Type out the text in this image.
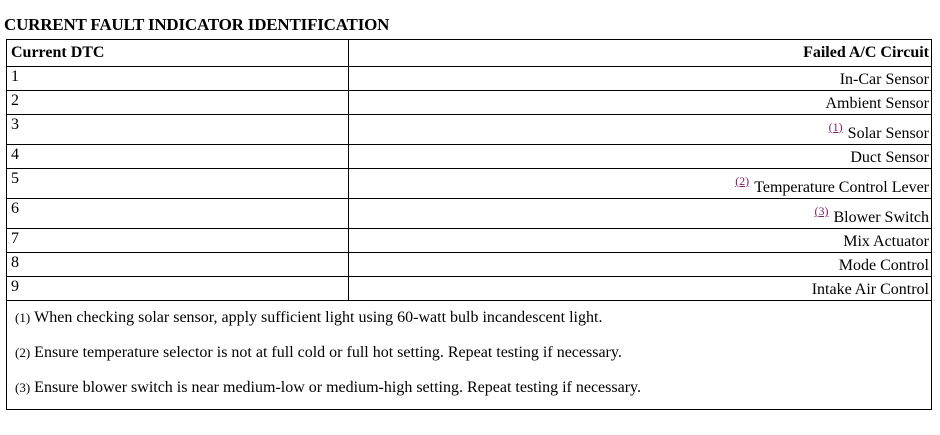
CURRENT FAULT INDICATOR IDENTIFICATION
Current DTC	Failed A/C Circuit
1	In-Car Sensor
2	Ambient Sensor
3	$^{(1)}$ Solar Sensor
4	Duct Sensor
5	$^{(2)}$ Temperature Control Lever
6	$^{(3)}$ Blower Switch
7	Mix Actuator
8	Mode Control
9	Intake Air Control

(1) When checking solar sensor, apply sufficient light using 60-watt bulb incandescent light.
(2) Ensure temperature selector is not at full cold or full hot setting. Repeat testing if necessary.
(3) Ensure blower switch is near medium-low or medium-high setting. Repeat testing if necessary.	
